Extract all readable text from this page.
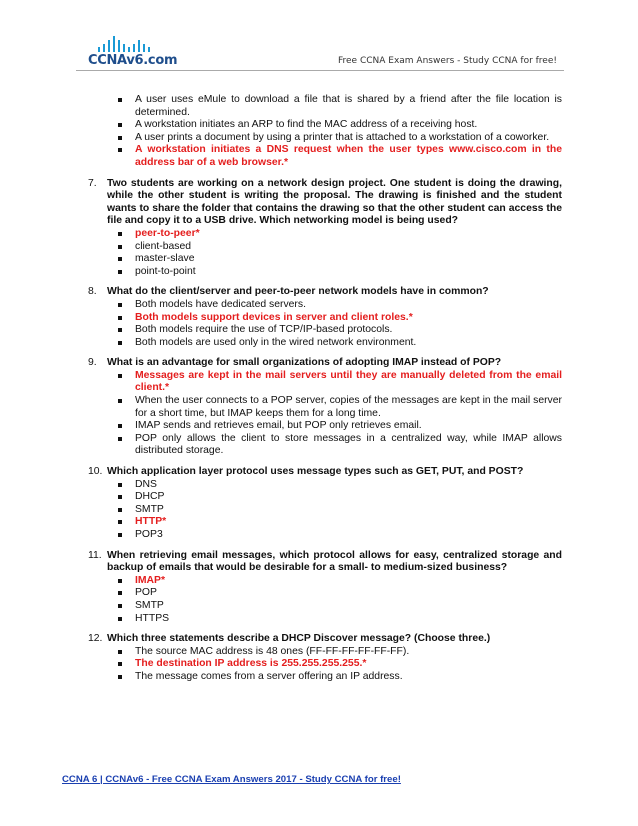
CCNAv6.com	Free CCNA Exam Answers - Study CCNA for free!
A user uses eMule to download a file that is shared by a friend after the file location is determined.
A workstation initiates an ARP to find the MAC address of a receiving host.
A user prints a document by using a printer that is attached to a workstation of a coworker.
A workstation initiates a DNS request when the user types www.cisco.com in the address bar of a web browser.*
7. Two students are working on a network design project. One student is doing the drawing, while the other student is writing the proposal. The drawing is finished and the student wants to share the folder that contains the drawing so that the other student can access the file and copy it to a USB drive. Which networking model is being used?
peer-to-peer*
client-based
master-slave
point-to-point
8. What do the client/server and peer-to-peer network models have in common?
Both models have dedicated servers.
Both models support devices in server and client roles.*
Both models require the use of TCP/IP-based protocols.
Both models are used only in the wired network environment.
9. What is an advantage for small organizations of adopting IMAP instead of POP?
Messages are kept in the mail servers until they are manually deleted from the email client.*
When the user connects to a POP server, copies of the messages are kept in the mail server for a short time, but IMAP keeps them for a long time.
IMAP sends and retrieves email, but POP only retrieves email.
POP only allows the client to store messages in a centralized way, while IMAP allows distributed storage.
10. Which application layer protocol uses message types such as GET, PUT, and POST?
DNS
DHCP
SMTP
HTTP*
POP3
11. When retrieving email messages, which protocol allows for easy, centralized storage and backup of emails that would be desirable for a small- to medium-sized business?
IMAP*
POP
SMTP
HTTPS
12. Which three statements describe a DHCP Discover message? (Choose three.)
The source MAC address is 48 ones (FF-FF-FF-FF-FF-FF).
The destination IP address is 255.255.255.255.*
The message comes from a server offering an IP address.
CCNA 6 | CCNAv6 - Free CCNA Exam Answers 2017 - Study CCNA for free!
